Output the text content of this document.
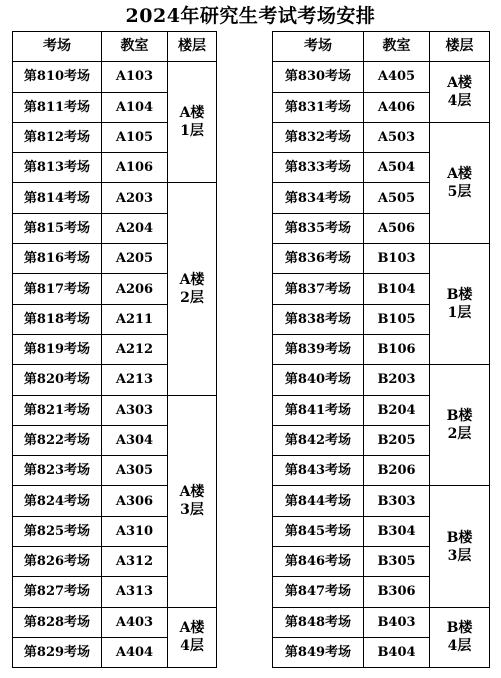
2024年研究生考试考场安排
考场	教室	楼层
第810考场	A103	A楼
1层
第811考场	A104	
第812考场	A105	
第813考场	A106	
第814考场	A203	A楼
2层
第815考场	A204	
第816考场	A205	
第817考场	A206	
第818考场	A211	
第819考场	A212	
第820考场	A213	
第821考场	A303	A楼
3层
第822考场	A304	
第823考场	A305	
第824考场	A306	
第825考场	A310	
第826考场	A312	
第827考场	A313	
第828考场	A403	A楼
4层
第829考场	A404	
考场	教室	楼层
第830考场	A405	A楼
4层
第831考场	A406	
第832考场	A503	A楼
5层
第833考场	A504	
第834考场	A505	
第835考场	A506	
第836考场	B103	B楼
1层
第837考场	B104	
第838考场	B105	
第839考场	B106	
第840考场	B203	B楼
2层
第841考场	B204	
第842考场	B205	
第843考场	B206	
第844考场	B303	B楼
3层
第845考场	B304	
第846考场	B305	
第847考场	B306	
第848考场	B403	B楼
4层
第849考场	B404	
